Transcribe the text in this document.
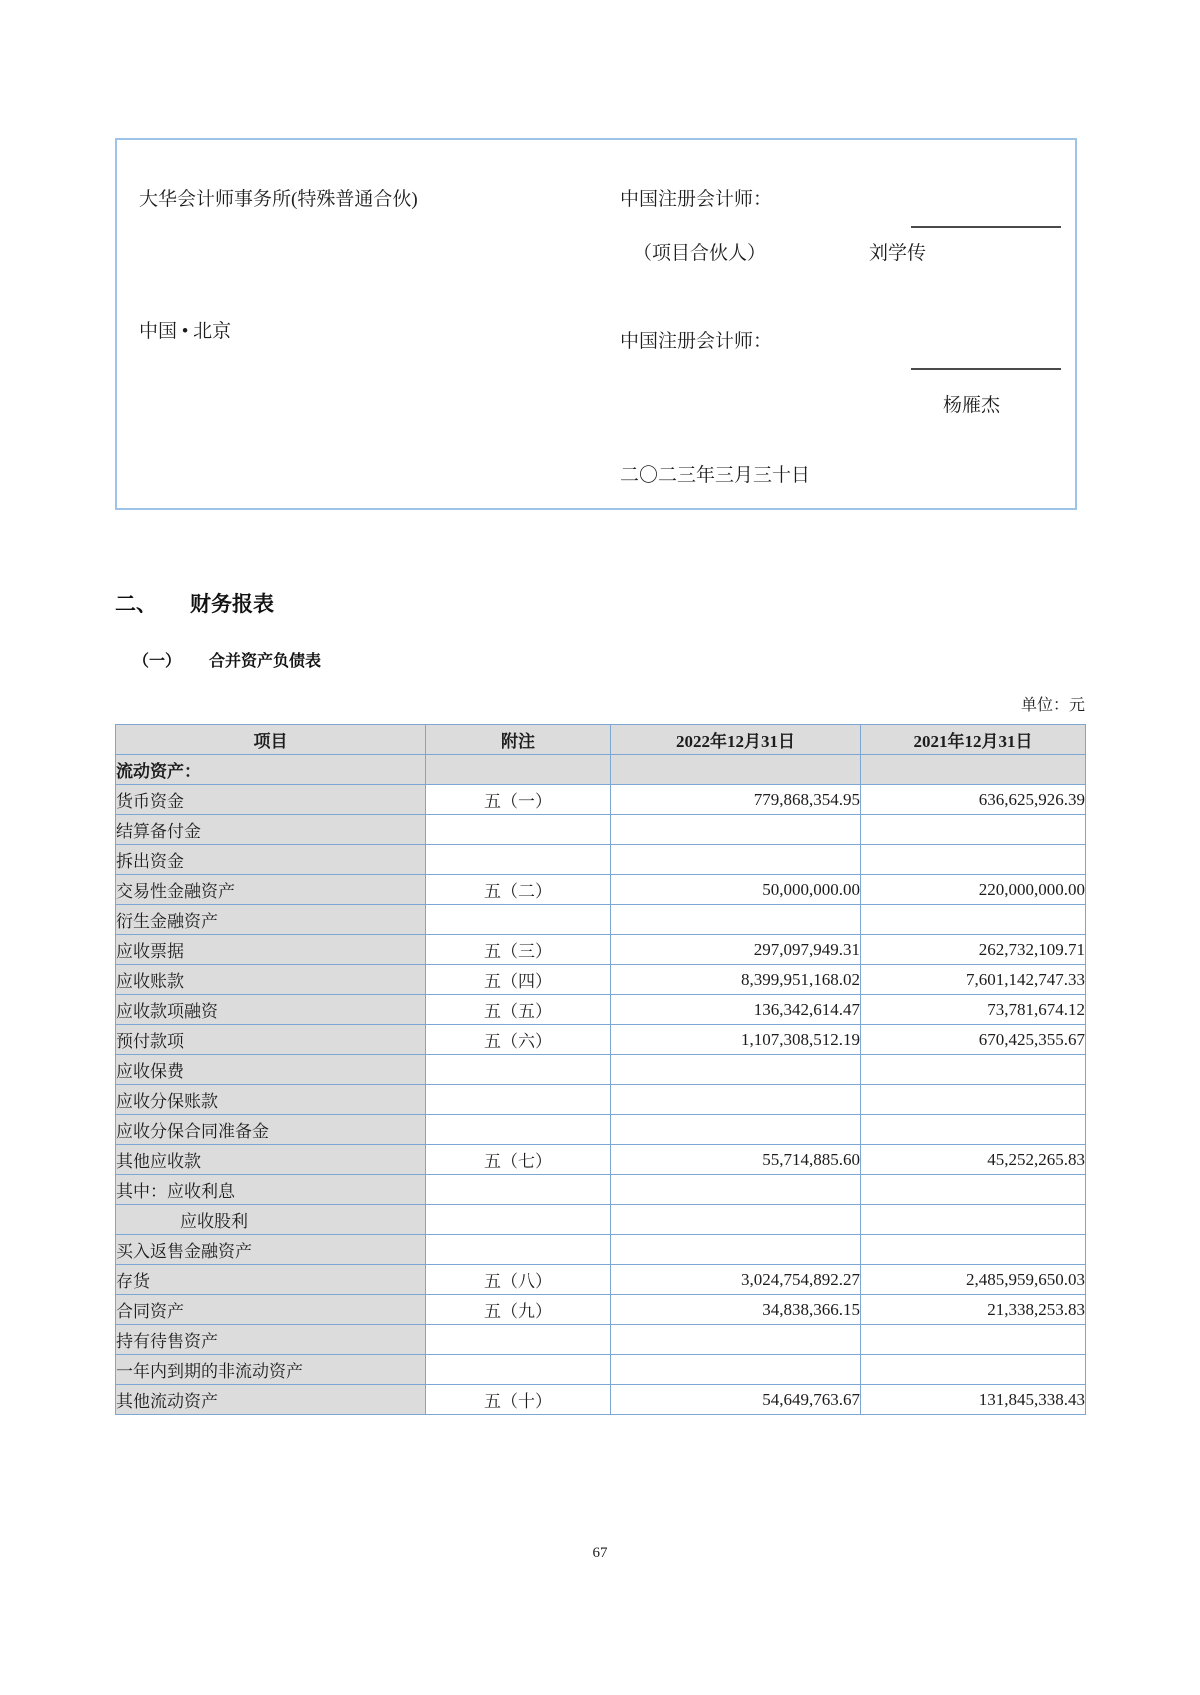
大华会计师事务所(特殊普通合伙)	中国注册会计师：
（项目合伙人）	刘学传
中国 • 北京	中国注册会计师：
杨雁杰
二〇二三年三月三十日
二、 财务报表
（一） 合并资产负债表
单位：元
项目	附注	2022年12月31日	2021年12月31日
流动资产：			
货币资金	五（一）	779,868,354.95	636,625,926.39
结算备付金			
拆出资金			
交易性金融资产	五（二）	50,000,000.00	220,000,000.00
衍生金融资产			
应收票据	五（三）	297,097,949.31	262,732,109.71
应收账款	五（四）	8,399,951,168.02	7,601,142,747.33
应收款项融资	五（五）	136,342,614.47	73,781,674.12
预付款项	五（六）	1,107,308,512.19	670,425,355.67
应收保费			
应收分保账款			
应收分保合同准备金			
其他应收款	五（七）	55,714,885.60	45,252,265.83
其中：应收利息			
应收股利			
买入返售金融资产			
存货	五（八）	3,024,754,892.27	2,485,959,650.03
合同资产	五（九）	34,838,366.15	21,338,253.83
持有待售资产			
一年内到期的非流动资产			
其他流动资产	五（十）	54,649,763.67	131,845,338.43
67
